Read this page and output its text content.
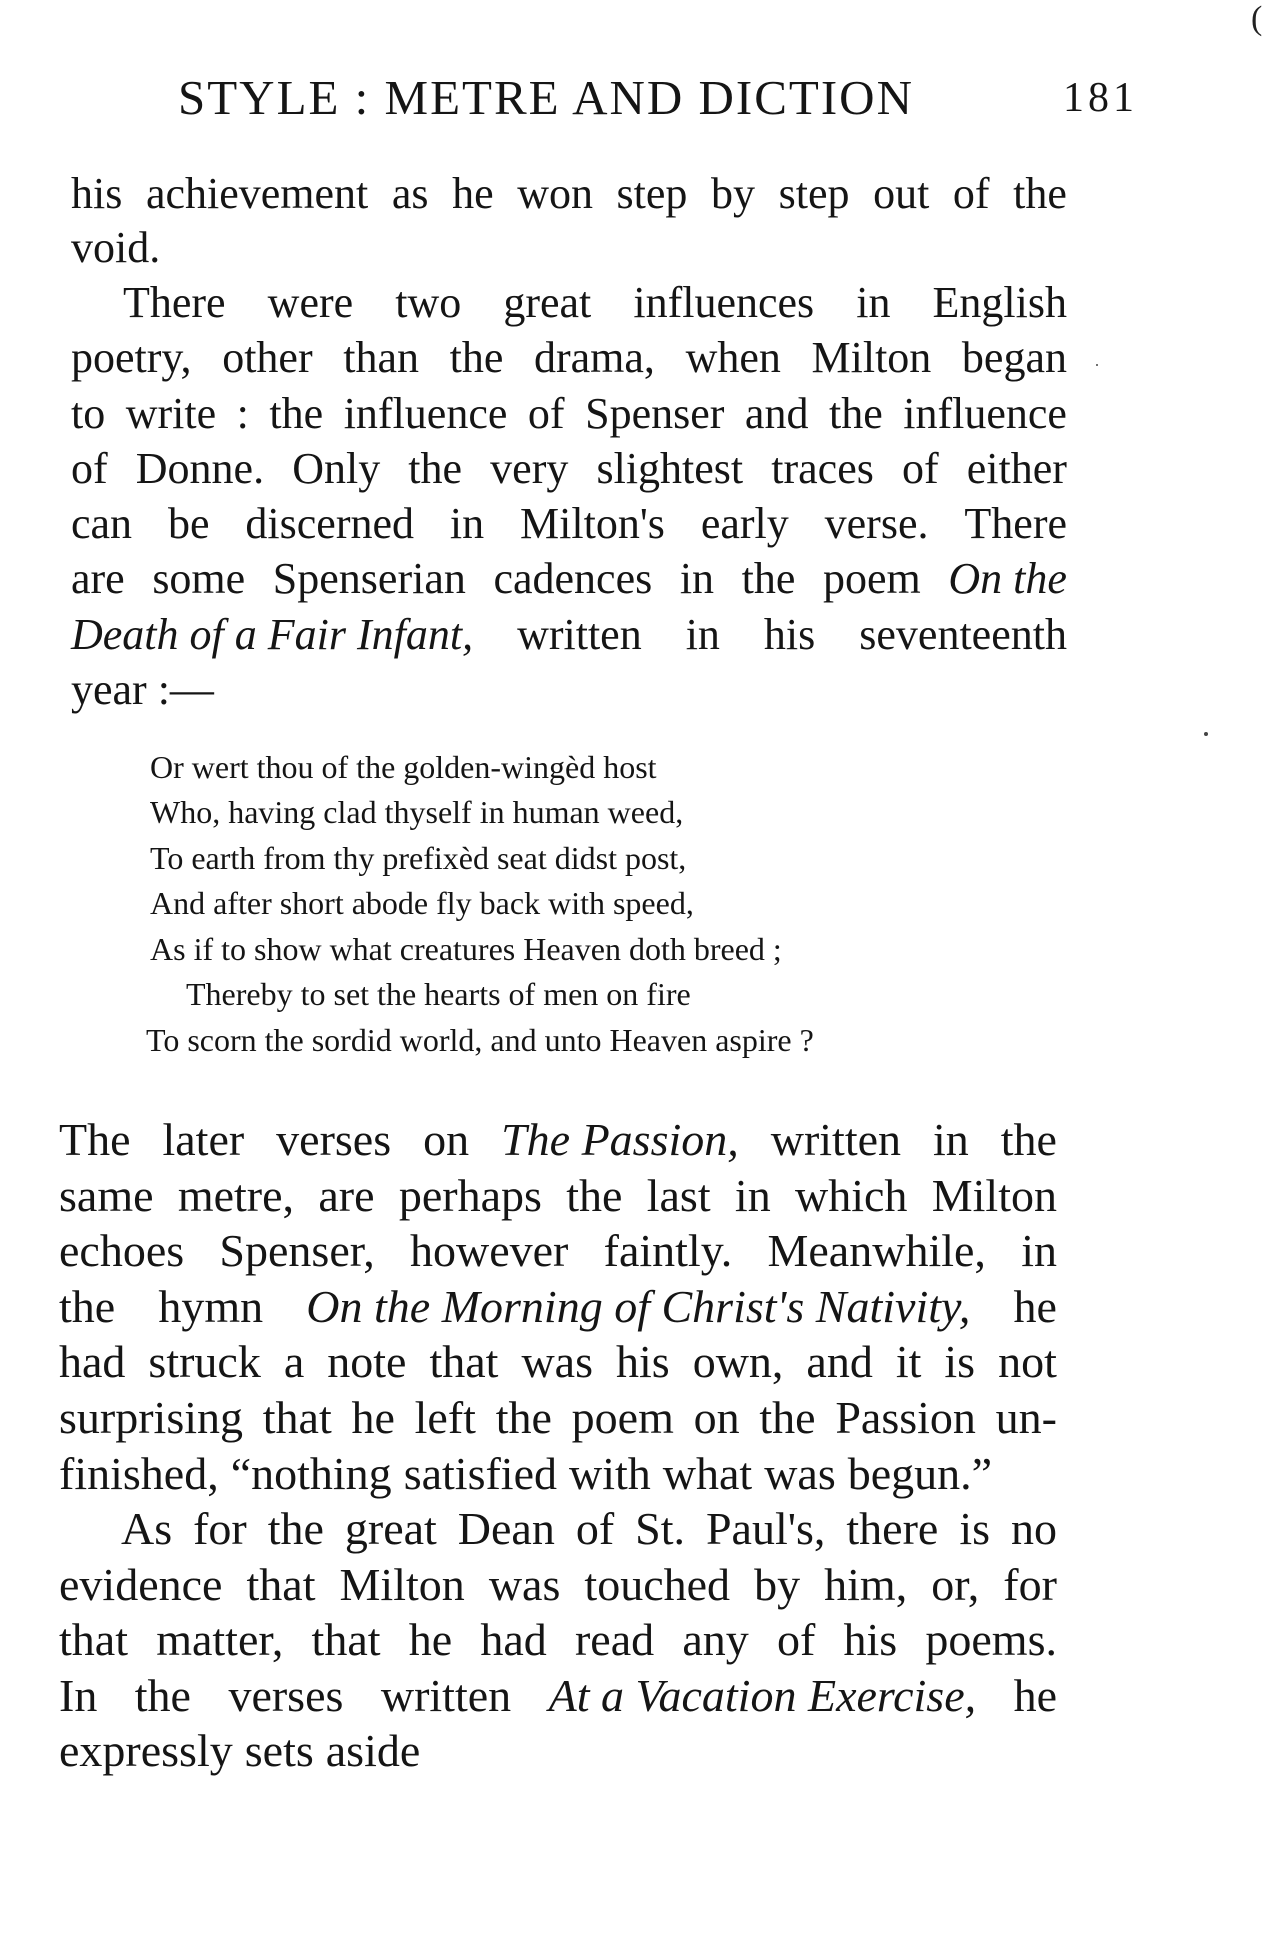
(
STYLE : METRE AND DICTION	181
his achievement as he won step by step out of the
void.
There were two great influences in English
poetry, other than the drama, when Milton began
to write : the influence of Spenser and the influence
of Donne. Only the very slightest traces of either
can be discerned in Milton's early verse. There
are some Spenserian cadences in the poem On the
Death of a Fair Infant, written in his seventeenth
year :—
Or wert thou of the golden-wingèd host
Who, having clad thyself in human weed,
To earth from thy prefixèd seat didst post,
And after short abode fly back with speed,
As if to show what creatures Heaven doth breed ;
Thereby to set the hearts of men on fire
To scorn the sordid world, and unto Heaven aspire ?
The later verses on The Passion, written in the
same metre, are perhaps the last in which Milton
echoes Spenser, however faintly. Meanwhile, in
the hymn On the Morning of Christ's Nativity, he
had struck a note that was his own, and it is not
surprising that he left the poem on the Passion un-
finished, “nothing satisfied with what was begun.”
As for the great Dean of St. Paul's, there is no
evidence that Milton was touched by him, or, for
that matter, that he had read any of his poems.
In the verses written At a Vacation Exercise, he
expressly sets aside
